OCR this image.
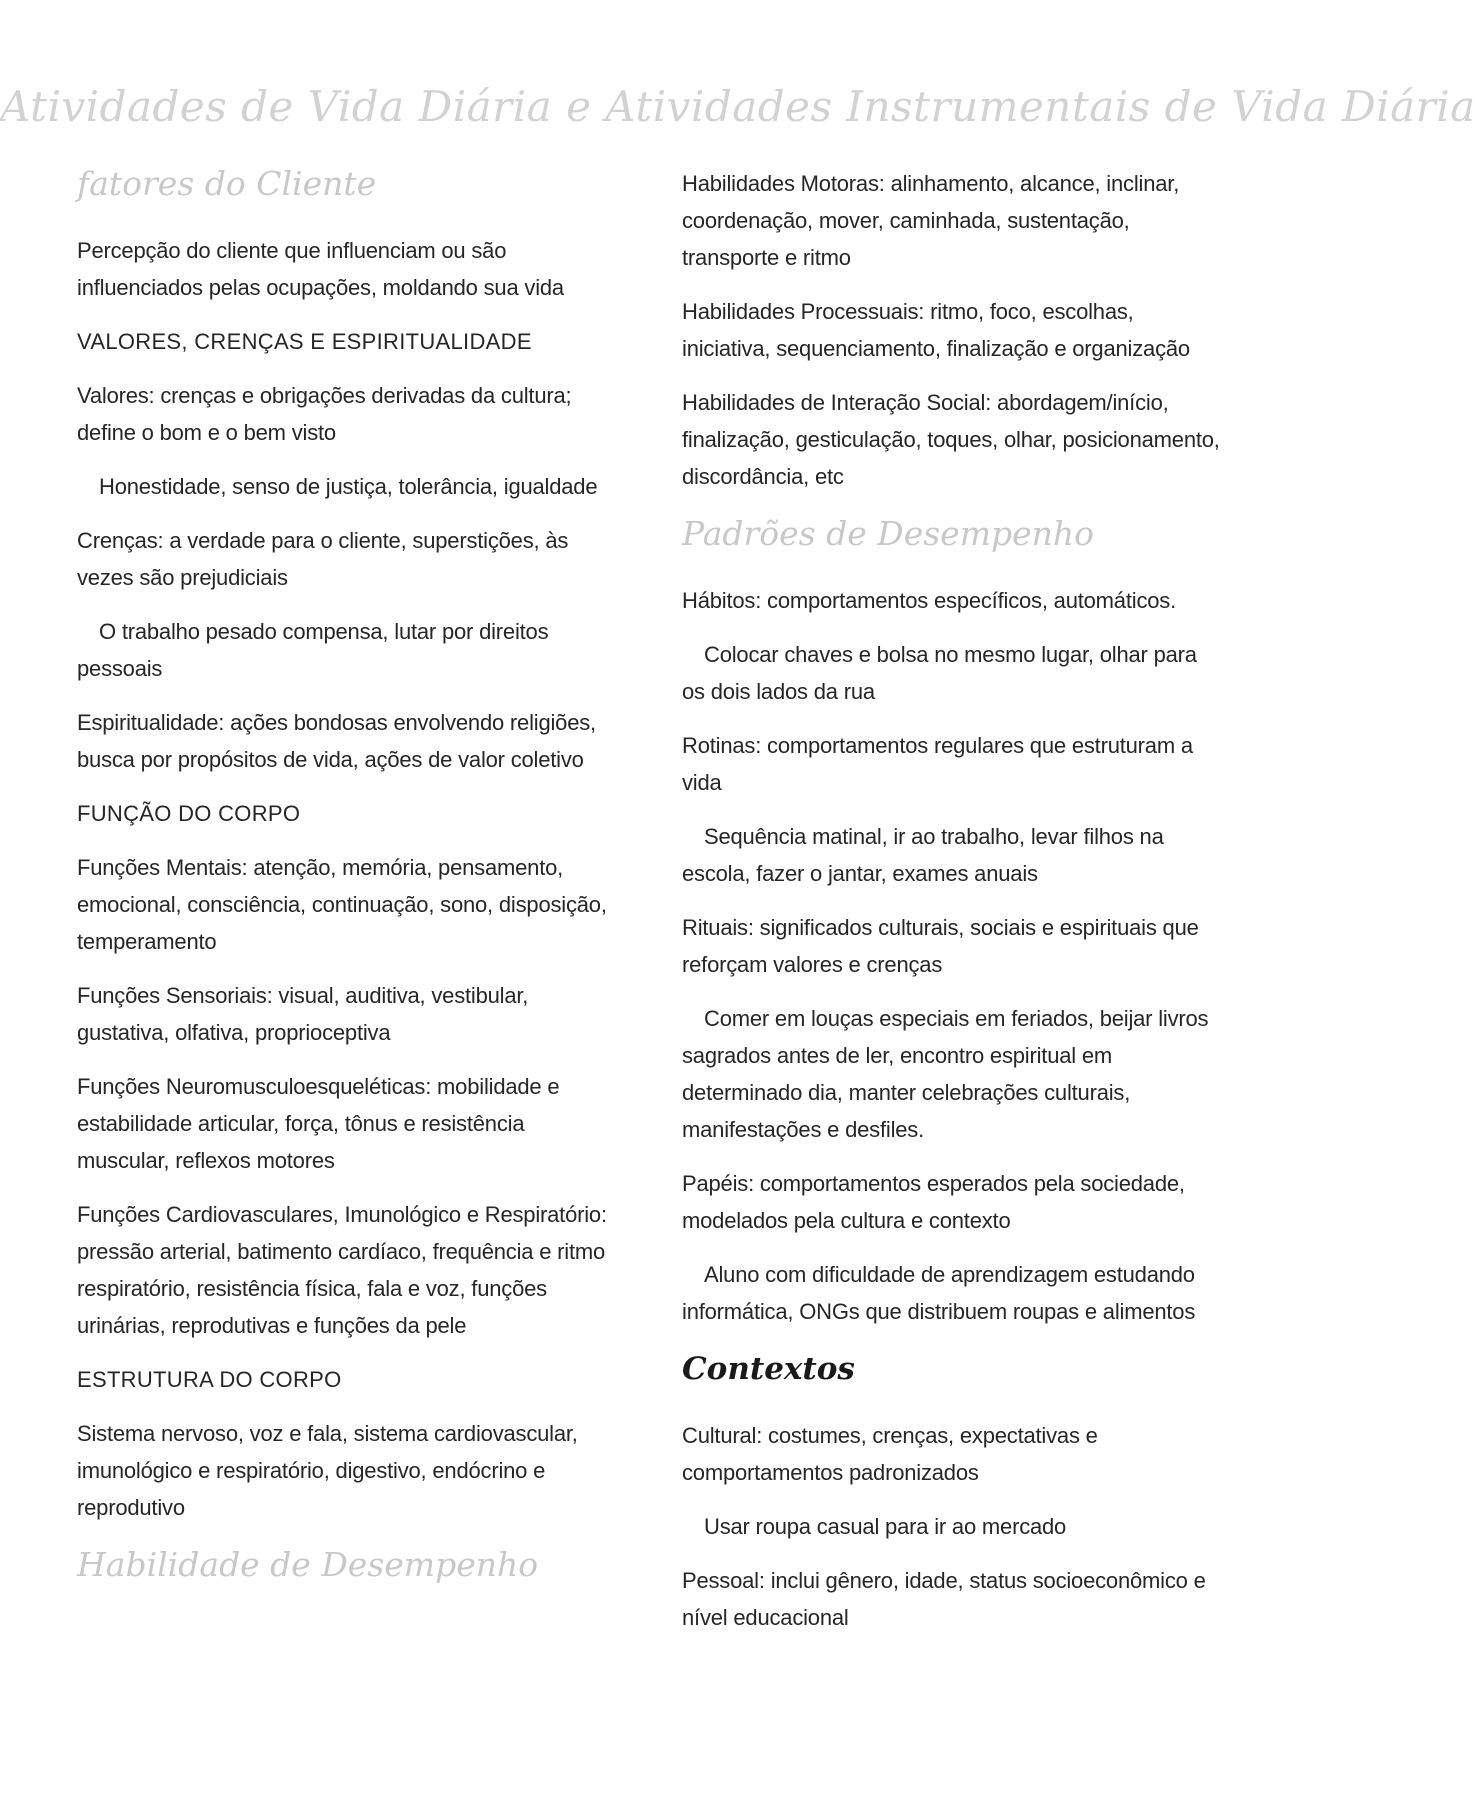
Atividades de Vida Diária e Atividades Instrumentais de Vida Diária
fatores do Cliente

Percepção do cliente que influenciam ou são influenciados pelas ocupações, moldando sua vida

VALORES, CRENÇAS E ESPIRITUALIDADE

Valores: crenças e obrigações derivadas da cultura; define o bom e o bem visto

Honestidade, senso de justiça, tolerância, igualdade

Crenças: a verdade para o cliente, superstições, às vezes são prejudiciais

O trabalho pesado compensa, lutar por direitos pessoais

Espiritualidade: ações bondosas envolvendo religiões, busca por propósitos de vida, ações de valor coletivo

FUNÇÃO DO CORPO

Funções Mentais: atenção, memória, pensamento, emocional, consciência, continuação, sono, disposição, temperamento

Funções Sensoriais: visual, auditiva, vestibular, gustativa, olfativa, proprioceptiva

Funções Neuromusculoesqueléticas: mobilidade e estabilidade articular, força, tônus e resistência muscular, reflexos motores

Funções Cardiovasculares, Imunológico e Respiratório: pressão arterial, batimento cardíaco, frequência e ritmo respiratório, resistência física, fala e voz, funções urinárias, reprodutivas e funções da pele

ESTRUTURA DO CORPO

Sistema nervoso, voz e fala, sistema cardiovascular, imunológico e respiratório, digestivo, endócrino e reprodutivo

Habilidade de Desempenho

Habilidades Motoras: alinhamento, alcance, inclinar, coordenação, mover, caminhada, sustentação, transporte e ritmo

Habilidades Processuais: ritmo, foco, escolhas, iniciativa, sequenciamento, finalização e organização

Habilidades de Interação Social: abordagem/início, finalização, gesticulação, toques, olhar, posicionamento, discordância, etc

Padrões de Desempenho

Hábitos: comportamentos específicos, automáticos.

Colocar chaves e bolsa no mesmo lugar, olhar para os dois lados da rua

Rotinas: comportamentos regulares que estruturam a vida

Sequência matinal, ir ao trabalho, levar filhos na escola, fazer o jantar, exames anuais

Rituais: significados culturais, sociais e espirituais que reforçam valores e crenças

Comer em louças especiais em feriados, beijar livros sagrados antes de ler, encontro espiritual em determinado dia, manter celebrações culturais, manifestações e desfiles.

Papéis: comportamentos esperados pela sociedade, modelados pela cultura e contexto

Aluno com dificuldade de aprendizagem estudando informática, ONGs que distribuem roupas e alimentos

Contextos

Cultural: costumes, crenças, expectativas e comportamentos padronizados

Usar roupa casual para ir ao mercado

Pessoal: inclui gênero, idade, status socioeconômico e nível educacional
